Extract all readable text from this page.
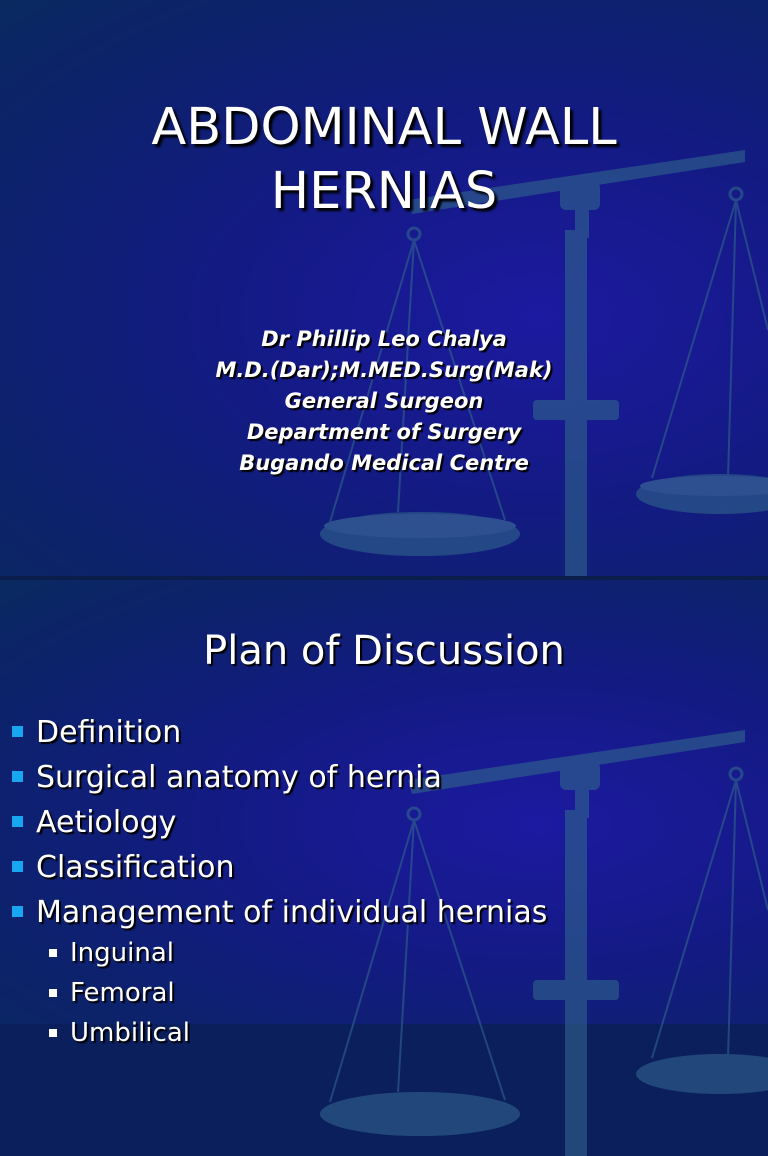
ABDOMINAL WALL
HERNIAS
Dr Phillip Leo Chalya
M.D.(Dar);M.MED.Surg(Mak)
General Surgeon
Department of Surgery
Bugando Medical Centre
Plan of Discussion
Definition
Surgical anatomy of hernia
Aetiology
Classification
Management of individual hernias
Inguinal
Femoral
Umbilical
